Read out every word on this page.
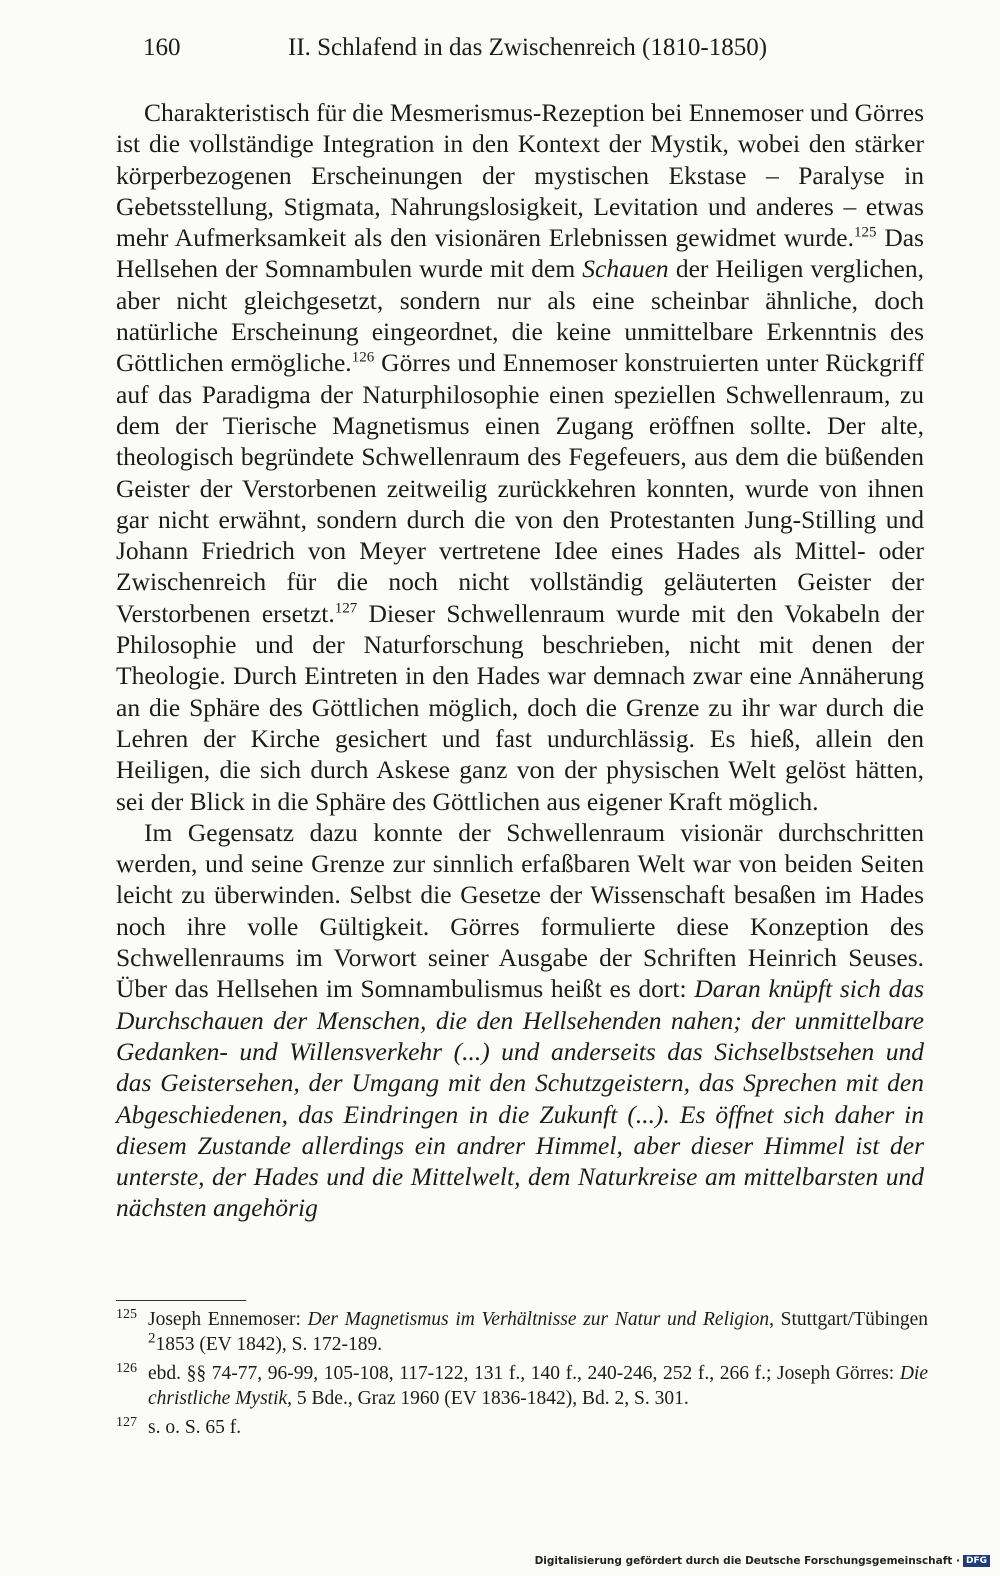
160	II. Schlafend in das Zwischenreich (1810-1850)

Charakteristisch für die Mesmerismus-Rezeption bei Ennemoser und Görres ist die vollständige Integration in den Kontext der Mystik, wobei den stärker körperbezogenen Erscheinungen der mystischen Ekstase – Paralyse in Gebetsstellung, Stigmata, Nahrungslosigkeit, Levitation und anderes – etwas mehr Aufmerksamkeit als den visionären Erlebnissen gewidmet wurde.$^{125}$ Das Hellsehen der Somnambulen wurde mit dem Schauen der Heiligen verglichen, aber nicht gleichgesetzt, sondern nur als eine scheinbar ähnliche, doch natürliche Erscheinung eingeordnet, die keine unmittelbare Erkenntnis des Göttlichen ermögliche.$^{126}$ Görres und Ennemoser konstruierten unter Rückgriff auf das Paradigma der Naturphilosophie einen speziellen Schwellenraum, zu dem der Tierische Magnetismus einen Zugang eröffnen sollte. Der alte, theologisch begründete Schwellenraum des Fegefeuers, aus dem die büßenden Geister der Verstorbenen zeitweilig zurückkehren konnten, wurde von ihnen gar nicht erwähnt, sondern durch die von den Protestanten Jung-Stilling und Johann Friedrich von Meyer vertretene Idee eines Hades als Mittel- oder Zwischenreich für die noch nicht vollständig geläuterten Geister der Verstorbenen ersetzt.$^{127}$ Dieser Schwellenraum wurde mit den Vokabeln der Philosophie und der Naturforschung beschrieben, nicht mit denen der Theologie. Durch Eintreten in den Hades war demnach zwar eine Annäherung an die Sphäre des Göttlichen möglich, doch die Grenze zu ihr war durch die Lehren der Kirche gesichert und fast undurchlässig. Es hieß, allein den Heiligen, die sich durch Askese ganz von der physischen Welt gelöst hätten, sei der Blick in die Sphäre des Göttlichen aus eigener Kraft möglich.

Im Gegensatz dazu konnte der Schwellenraum visionär durchschritten werden, und seine Grenze zur sinnlich erfaßbaren Welt war von beiden Seiten leicht zu überwinden. Selbst die Gesetze der Wissenschaft besaßen im Hades noch ihre volle Gültigkeit. Görres formulierte diese Konzeption des Schwellenraums im Vorwort seiner Ausgabe der Schriften Heinrich Seuses. Über das Hellsehen im Somnambulismus heißt es dort: Daran knüpft sich das Durchschauen der Menschen, die den Hellsehenden nahen; der unmittelbare Gedanken- und Willensverkehr (...) und anderseits das Sichselbstsehen und das Geistersehen, der Umgang mit den Schutzgeistern, das Sprechen mit den Abgeschiedenen, das Eindringen in die Zukunft (...). Es öffnet sich daher in diesem Zustande allerdings ein andrer Himmel, aber dieser Himmel ist der unterste, der Hades und die Mittelwelt, dem Naturkreise am mittelbarsten und nächsten angehörig

125 Joseph Ennemoser: Der Magnetismus im Verhältnisse zur Natur und Religion, Stuttgart/Tübingen $^2$1853 (EV 1842), S. 172-189.
126 ebd. §§ 74-77, 96-99, 105-108, 117-122, 131 f., 140 f., 240-246, 252 f., 266 f.; Joseph Görres: Die christliche Mystik, 5 Bde., Graz 1960 (EV 1836-1842), Bd. 2, S. 301.
127 s. o. S. 65 f.
Digitalisierung gefördert durch die Deutsche Forschungsgemeinschaft · DFG
